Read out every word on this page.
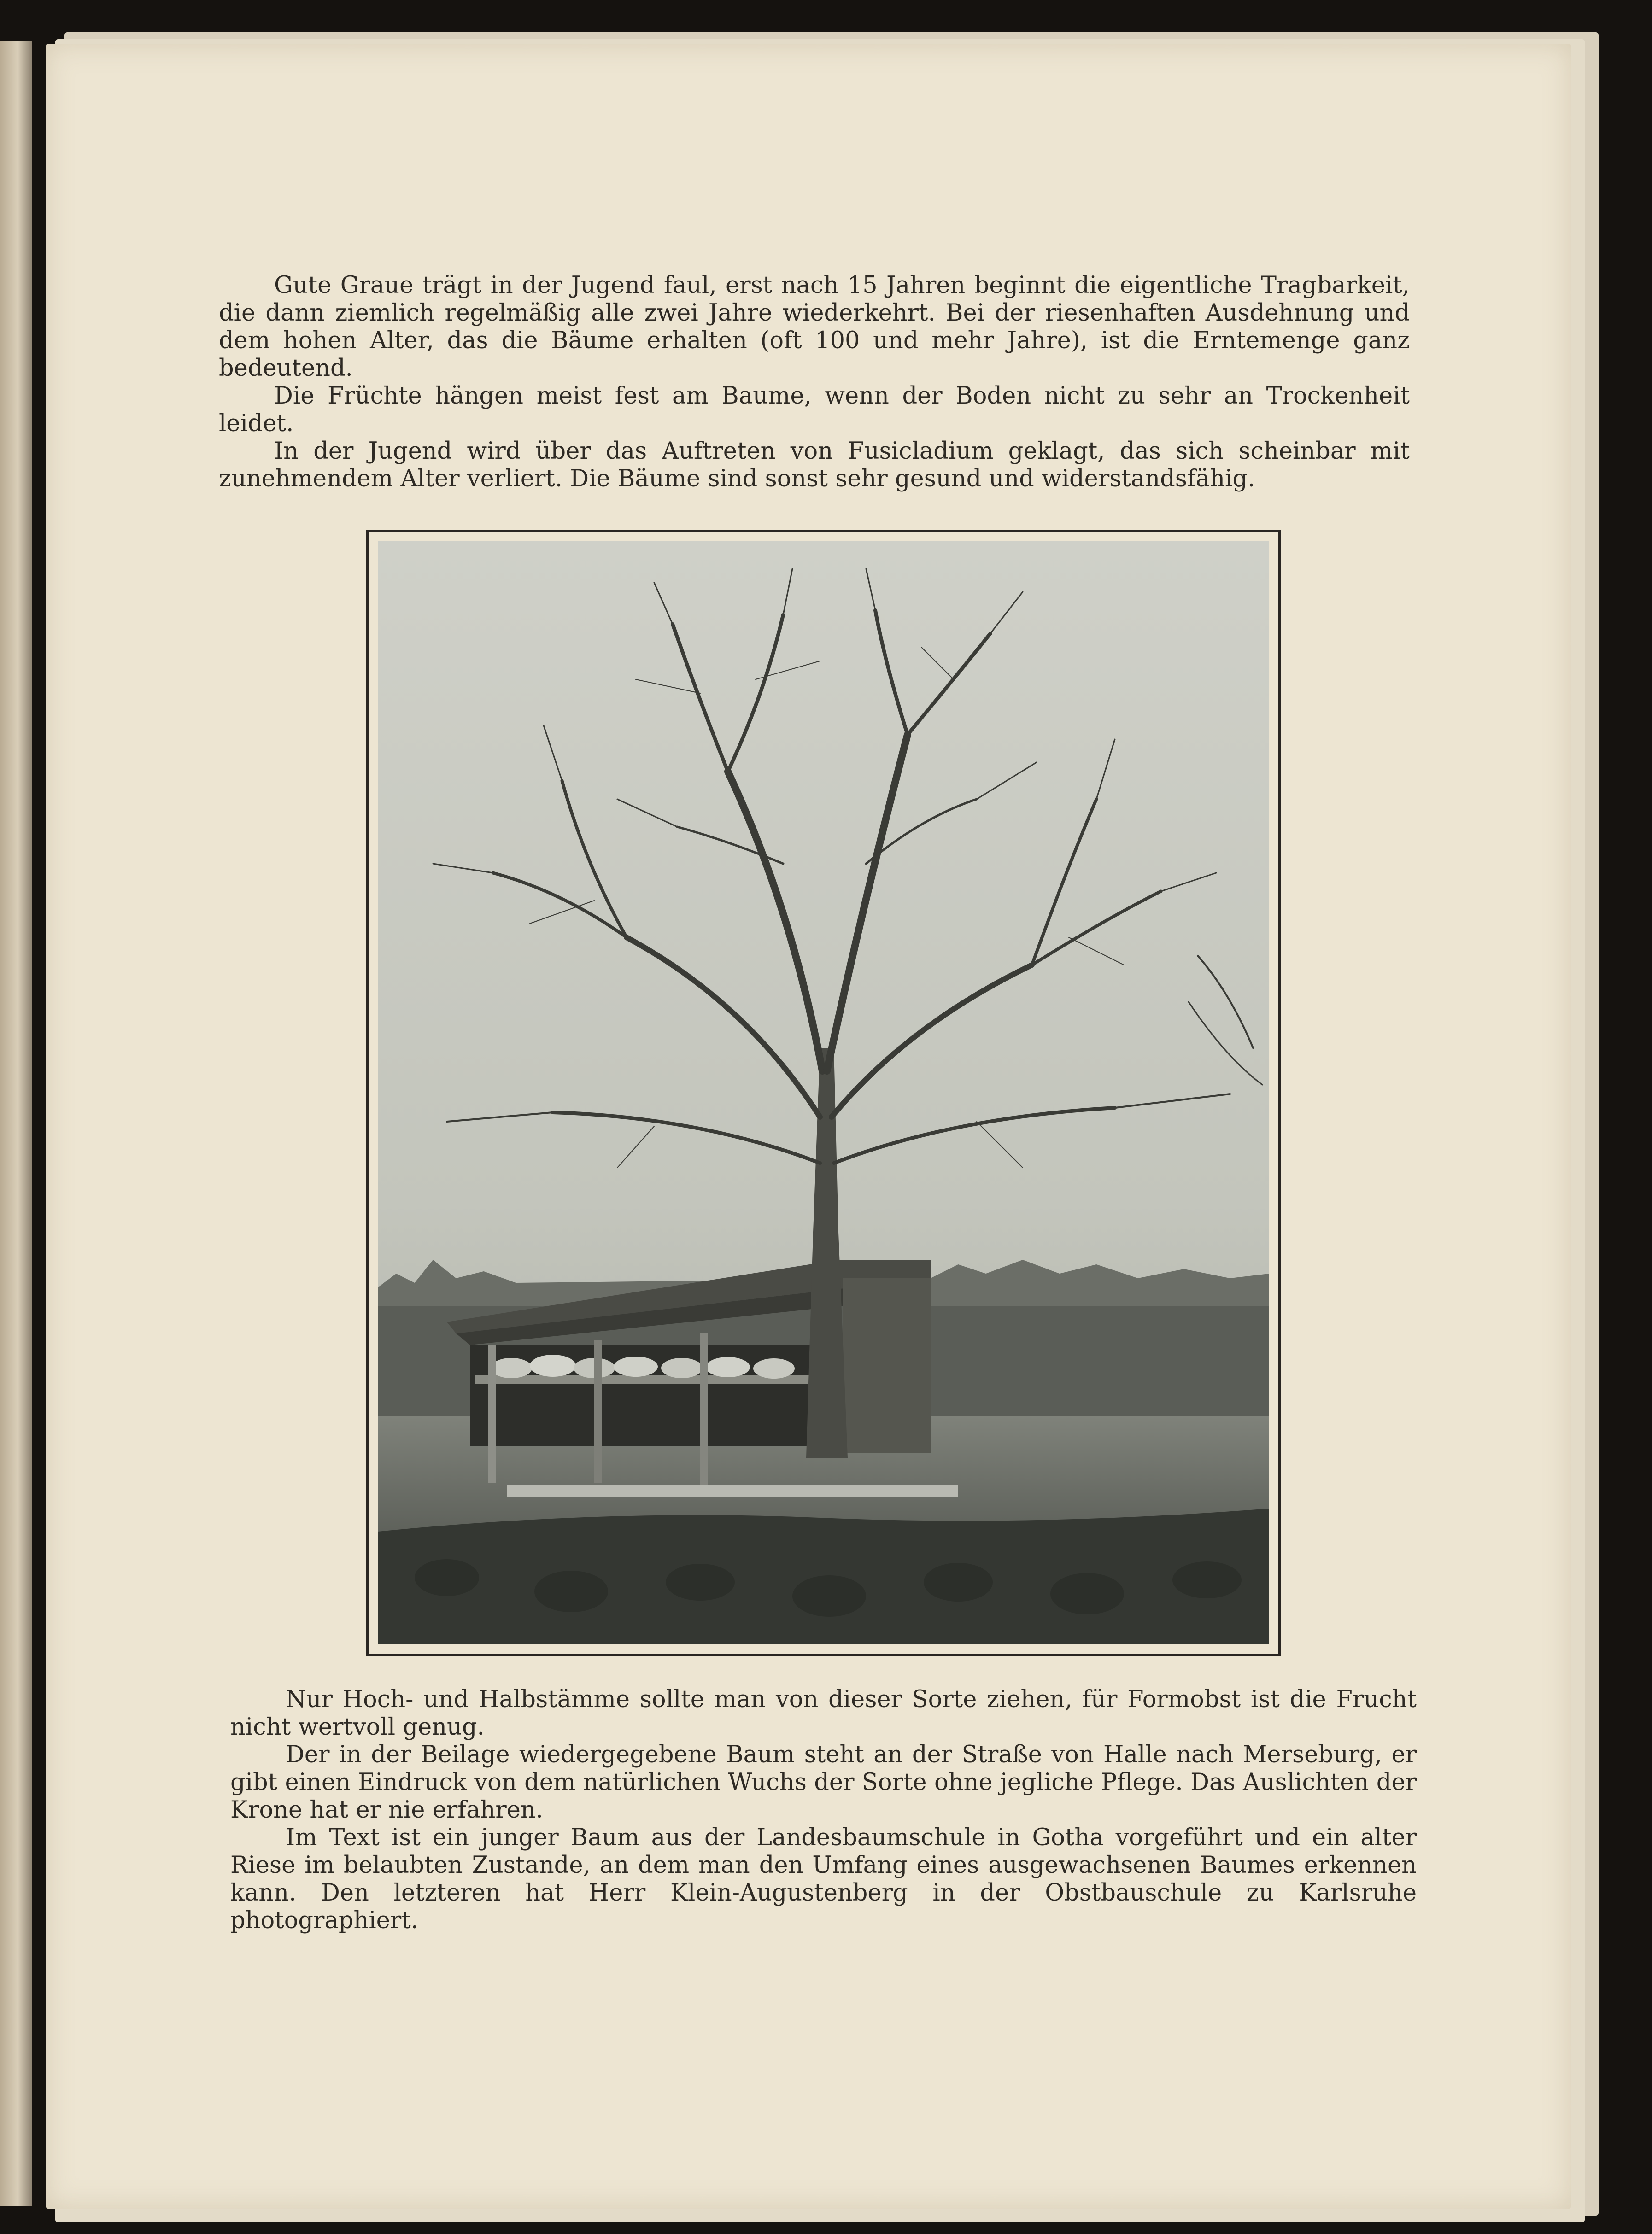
Gute Graue trägt in der Jugend faul, erst nach 15 Jahren beginnt die eigentliche Tragbarkeit, die dann ziemlich regelmäßig alle zwei Jahre wiederkehrt. Bei der riesenhaften Ausdehnung und dem hohen Alter, das die Bäume erhalten (oft 100 und mehr Jahre), ist die Erntemenge ganz bedeutend.

Die Früchte hängen meist fest am Baume, wenn der Boden nicht zu sehr an Trockenheit leidet.

In der Jugend wird über das Auftreten von Fusicladium geklagt, das sich scheinbar mit zunehmendem Alter verliert. Die Bäume sind sonst sehr gesund und widerstandsfähig.

Nur Hoch- und Halbstämme sollte man von dieser Sorte ziehen, für Formobst ist die Frucht nicht wertvoll genug.

Der in der Beilage wiedergegebene Baum steht an der Straße von Halle nach Merseburg, er gibt einen Eindruck von dem natürlichen Wuchs der Sorte ohne jegliche Pflege. Das Auslichten der Krone hat er nie erfahren.

Im Text ist ein junger Baum aus der Landesbaumschule in Gotha vorgeführt und ein alter Riese im belaubten Zustande, an dem man den Umfang eines ausgewachsenen Baumes erkennen kann. Den letzteren hat Herr Klein-Augustenberg in der Obstbauschule zu Karlsruhe photographiert.
